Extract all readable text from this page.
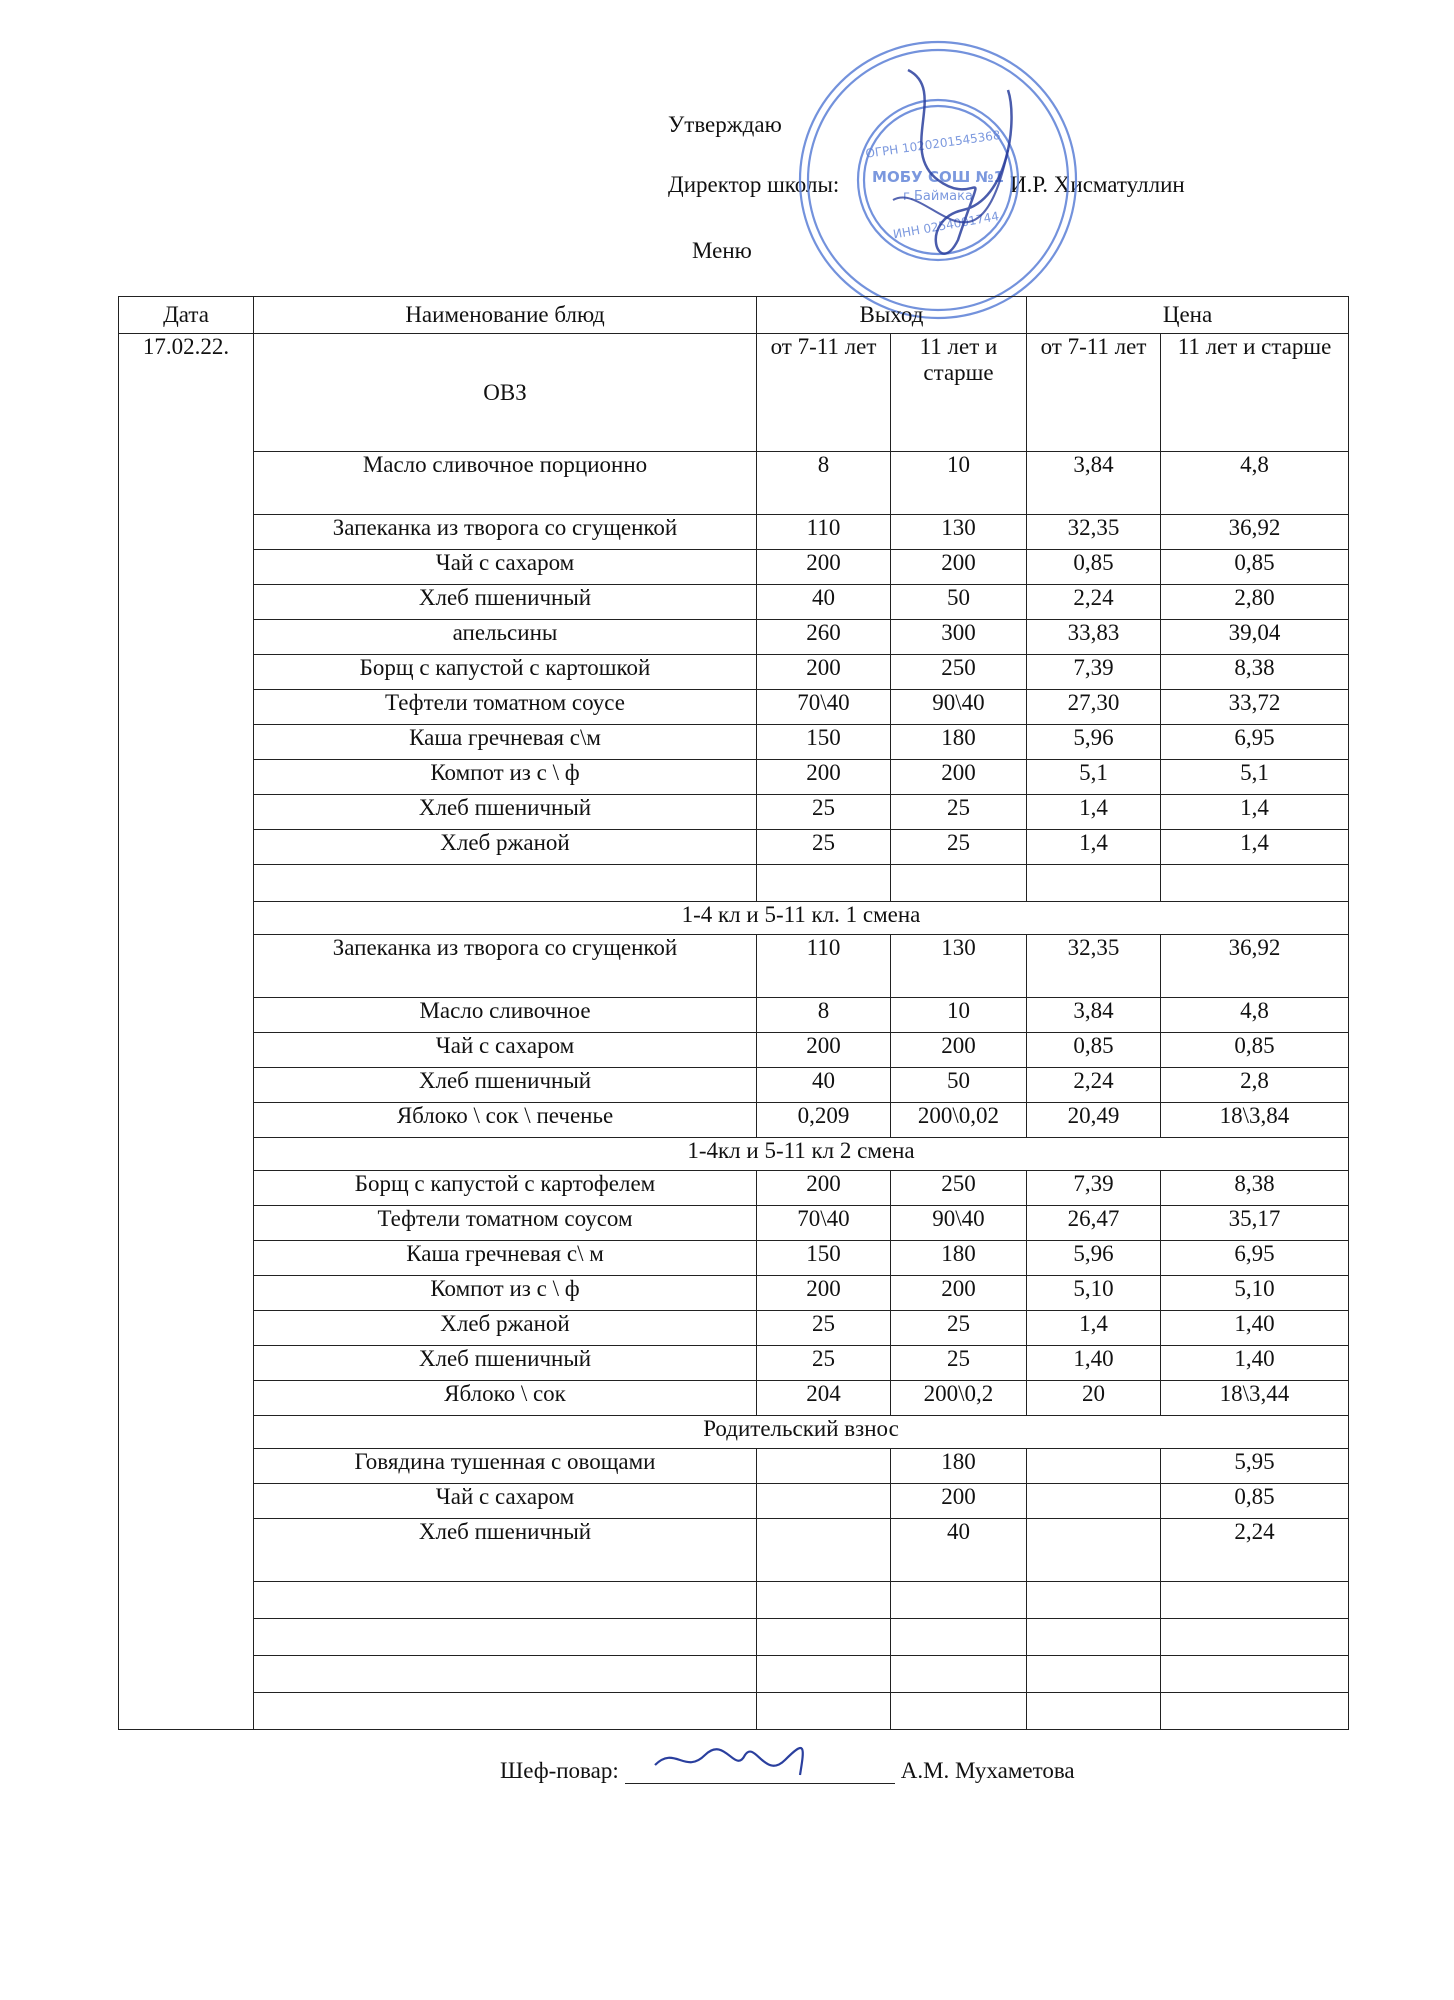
Утверждаю
Директор школы:	И.Р. Хисматуллин
Меню
ОГРН 1020201545368
МОБУ СОШ №1
г.Баймака
ИНН 0254001744
Дата	Наименование блюд	Выход		Цена	
17.02.22.	ОВЗ	от 7-11 лет	11 лет и старше	от 7-11 лет	11 лет и старше
	Масло сливочное порционно	8	10	3,84	4,8
	Запеканка из творога со сгущенкой	110	130	32,35	36,92
	Чай с сахаром	200	200	0,85	0,85
	Хлеб пшеничный	40	50	2,24	2,80
	апельсины	260	300	33,83	39,04
	Борщ с капустой с картошкой	200	250	7,39	8,38
	Тефтели томатном соусе	70\40	90\40	27,30	33,72
	Каша гречневая с\м	150	180	5,96	6,95
	Компот из с \ ф	200	200	5,1	5,1
	Хлеб пшеничный	25	25	1,4	1,4
	Хлеб ржаной	25	25	1,4	1,4

	1-4 кл и 5-11 кл. 1 смена				
	Запеканка из творога со сгущенкой	110	130	32,35	36,92
	Масло сливочное	8	10	3,84	4,8
	Чай с сахаром	200	200	0,85	0,85
	Хлеб пшеничный	40	50	2,24	2,8
	Яблоко \ сок \ печенье	0,209	200\0,02	20,49	18\3,84
	1-4кл и 5-11 кл 2 смена				
	Борщ с капустой с картофелем	200	250	7,39	8,38
	Тефтели томатном соусом	70\40	90\40	26,47	35,17
	Каша гречневая с\ м	150	180	5,96	6,95
	Компот из с \ ф	200	200	5,10	5,10
	Хлеб ржаной	25	25	1,4	1,40
	Хлеб пшеничный	25	25	1,40	1,40
	Яблоко \ сок	204	200\0,2	20	18\3,44
	Родительский взнос				
	Говядина тушенная с овощами		180		5,95
	Чай с сахаром		200		0,85
	Хлеб пшеничный		40		2,24

Шеф-повар:	А.М. Мухаметова
